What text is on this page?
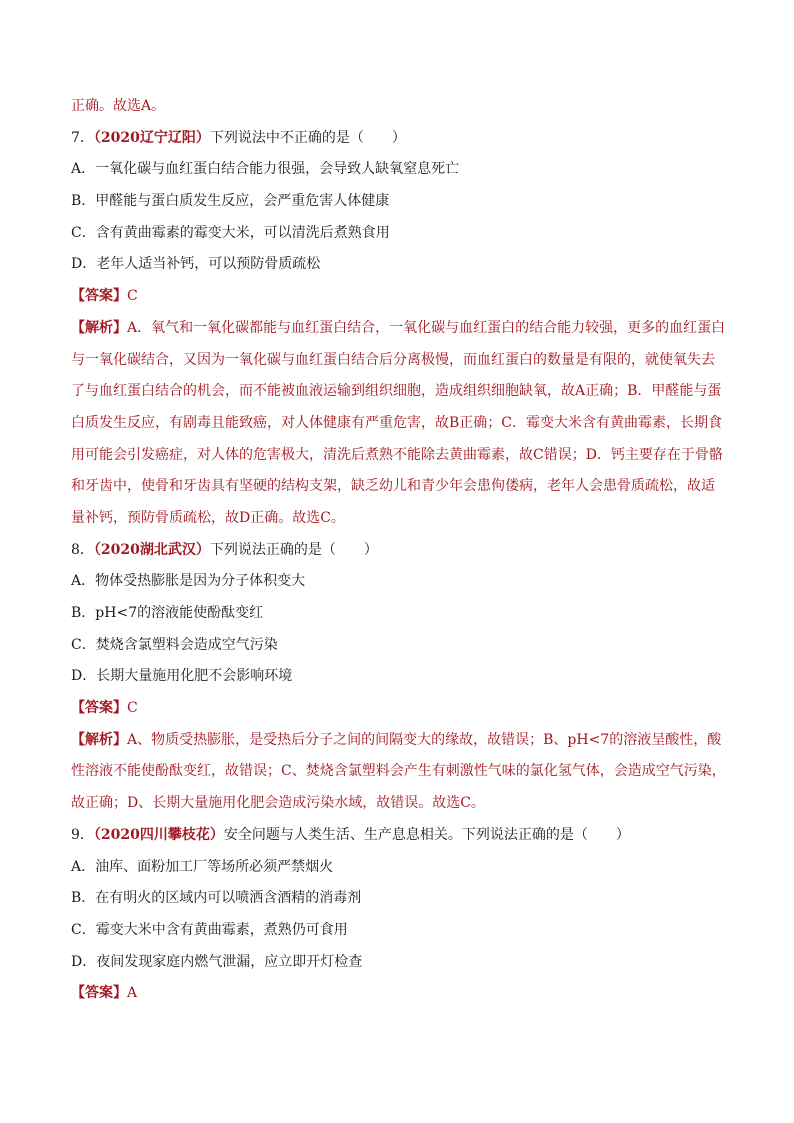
正确。故选A。

7．（2020辽宁辽阳）下列说法中不正确的是（　　）

A．一氧化碳与血红蛋白结合能力很强，会导致人缺氧窒息死亡

B．甲醛能与蛋白质发生反应，会严重危害人体健康

C．含有黄曲霉素的霉变大米，可以清洗后煮熟食用

D．老年人适当补钙，可以预防骨质疏松

【答案】C

【解析】A．氧气和一氧化碳都能与血红蛋白结合，一氧化碳与血红蛋白的结合能力较强，更多的血红蛋白
与一氧化碳结合，又因为一氧化碳与血红蛋白结合后分离极慢，而血红蛋白的数量是有限的，就使氧失去
了与血红蛋白结合的机会，而不能被血液运输到组织细胞，造成组织细胞缺氧，故A正确；B．甲醛能与蛋
白质发生反应，有剧毒且能致癌，对人体健康有严重危害，故B正确；C．霉变大米含有黄曲霉素，长期食
用可能会引发癌症，对人体的危害极大，清洗后煮熟不能除去黄曲霉素，故C错误；D．钙主要存在于骨骼
和牙齿中，使骨和牙齿具有坚硬的结构支架，缺乏幼儿和青少年会患佝偻病，老年人会患骨质疏松，故适
量补钙，预防骨质疏松，故D正确。故选C。

8．（2020湖北武汉）下列说法正确的是（　　）

A．物体受热膨胀是因为分子体积变大

B．pH<7的溶液能使酚酞变红

C．焚烧含氯塑料会造成空气污染

D．长期大量施用化肥不会影响环境

【答案】C

【解析】A、物质受热膨胀，是受热后分子之间的间隔变大的缘故，故错误；B、pH<7的溶液呈酸性，酸
性溶液不能使酚酞变红，故错误；C、焚烧含氯塑料会产生有刺激性气味的氯化氢气体，会造成空气污染，
故正确；D、长期大量施用化肥会造成污染水域，故错误。故选C。

9．（2020四川攀枝花）安全问题与人类生活、生产息息相关。下列说法正确的是（　　）

A．油库、面粉加工厂等场所必须严禁烟火

B．在有明火的区域内可以喷洒含酒精的消毒剂

C．霉变大米中含有黄曲霉素，煮熟仍可食用

D．夜间发现家庭内燃气泄漏，应立即开灯检查

【答案】A
